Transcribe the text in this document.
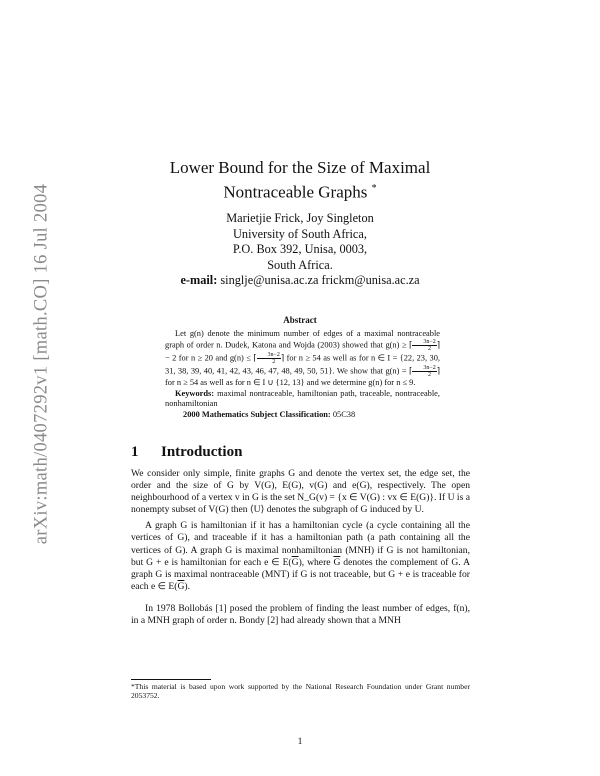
arXiv:math/0407292v1 [math.CO] 16 Jul 2004
Lower Bound for the Size of Maximal
Nontraceable Graphs *
Marietjie Frick, Joy Singleton
University of South Africa,
P.O. Box 392, Unisa, 0003,
South Africa.
e-mail: singljе@unisa.ac.za frickm@unisa.ac.za
Abstract

Let g(n) denote the minimum number of edges of a maximal nontraceable graph of order n. Dudek, Katona and Wojda (2003) showed that g(n) ≥ ⌈ $\frac{3n-2}{2}$ ⌉ − 2 for n ≥ 20 and g(n) ≤ ⌈ $\frac{3n-2}{2}$ ⌉ for n ≥ 54 as well as for n ∈ I = {22, 23, 30, 31, 38, 39, 40, 41, 42, 43, 46, 47, 48, 49, 50, 51}. We show that g(n) = ⌈ $\frac{3n-2}{2}$ ⌉ for n ≥ 54 as well as for n ∈ I ∪ {12, 13} and we determine g(n) for n ≤ 9.

Keywords: maximal nontraceable, hamiltonian path, traceable, nontraceable, nonhamiltonian

2000 Mathematics Subject Classification: 05C38

1 Introduction

We consider only simple, finite graphs G and denote the vertex set, the edge set, the order and the size of G by V(G), E(G), v(G) and e(G), respectively. The open neighbourhood of a vertex v in G is the set N_G(v) = {x ∈ V(G) : vx ∈ E(G)}. If U is a nonempty subset of V(G) then ⟨U⟩ denotes the subgraph of G induced by U.

A graph G is hamiltonian if it has a hamiltonian cycle (a cycle containing all the vertices of G), and traceable if it has a hamiltonian path (a path containing all the vertices of G). A graph G is maximal nonhamiltonian (MNH) if G is not hamiltonian, but G + e is hamiltonian for each e ∈ $E(\overline{G})$, where $\overline{G}$ denotes the complement of G. A graph G is maximal nontraceable (MNT) if G is not traceable, but G + e is traceable for each e ∈ $E(\overline{G})$.

In 1978 Bollobás [1] posed the problem of finding the least number of edges, f(n), in a MNH graph of order n. Bondy [2] had already shown that a MNH

*This material is based upon work supported by the National Research Foundation under Grant number 2053752.
1
